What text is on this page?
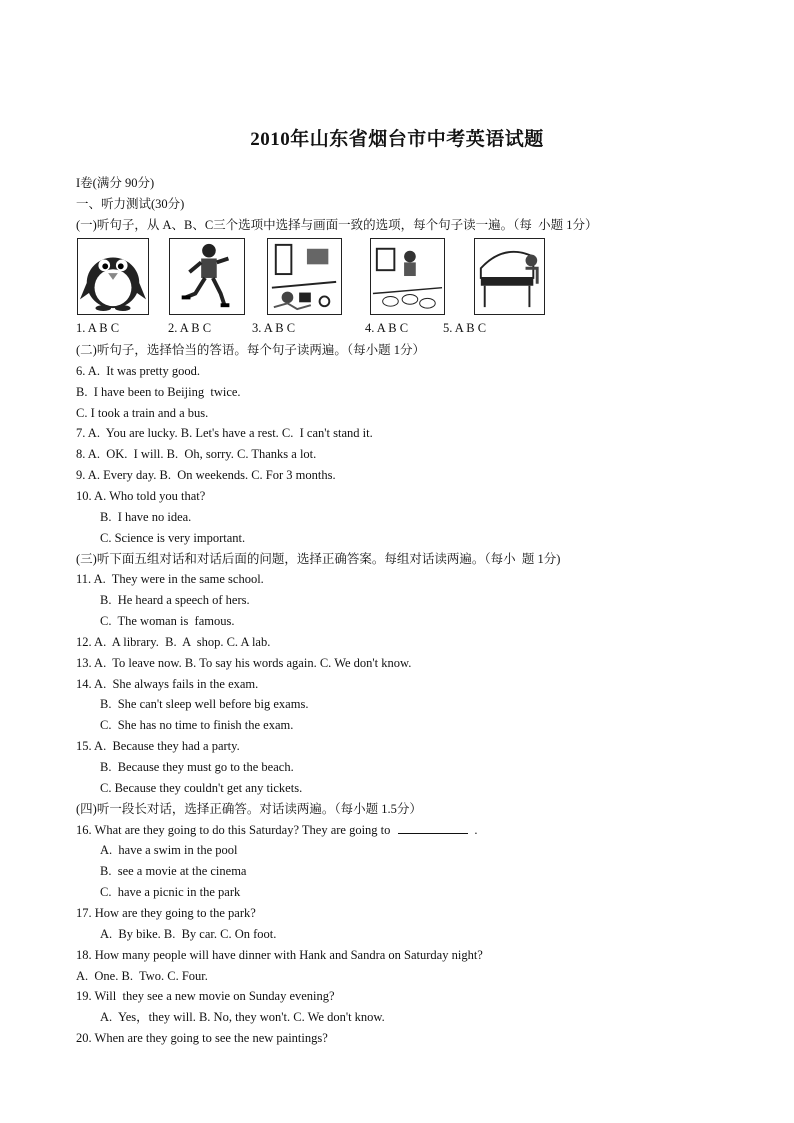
2010年山东省烟台市中考英语试题
I卷(满分 90分)
一、听力测试(30分)
(一)听句子，从 A、B、C三个选项中选择与画面一致的选项，每个句子读一遍。（每  小题 1分）
1. A B C	2. A B C	3. A B C	4. A B C	5. A B C
(二)听句子，选择恰当的答语。每个句子读两遍。（每小题 1分）
6. A.  It was pretty good.
B.  I have been to Beijing  twice.
C. I took a train and a bus.
7. A.  You are lucky. B. Let's have a rest. C.  I can't stand it.
8. A.  OK.  I will. B.  Oh, sorry. C. Thanks a lot.
9. A. Every day. B.  On weekends. C. For 3 months.
10. A. Who told you that?
B.  I have no idea.
C. Science is very important.
(三)听下面五组对话和对话后面的问题，选择正确答案。每组对话读两遍。（每小  题 1分)
11. A.  They were in the same school.
B.  He heard a speech of hers.
C.  The woman is  famous.
12. A.  A library.  B.  A  shop. C. A lab.
13. A.  To leave now. B. To say his words again. C. We don't know.
14. A.  She always fails in the exam.
B.  She can't sleep well before big exams.
C.  She has no time to finish the exam.
15. A.  Because they had a party.
B.  Because they must go to the beach.
C. Because they couldn't get any tickets.
(四)听一段长对话，选择正确答。对话读两遍。（每小题 1.5分）
16. What are they going to do this Saturday? They are going to	.
A.  have a swim in the pool
B.  see a movie at the cinema
C.  have a picnic in the park
17. How are they going to the park?
A.  By bike. B.  By car. C. On foot.
18. How many people will have dinner with Hank and Sandra on Saturday night?
A.  One. B.  Two. C. Four.
19. Will  they see a new movie on Sunday evening?
A.  Yes，they will. B. No, they won't. C. We don't know.
20. When are they going to see the new paintings?
